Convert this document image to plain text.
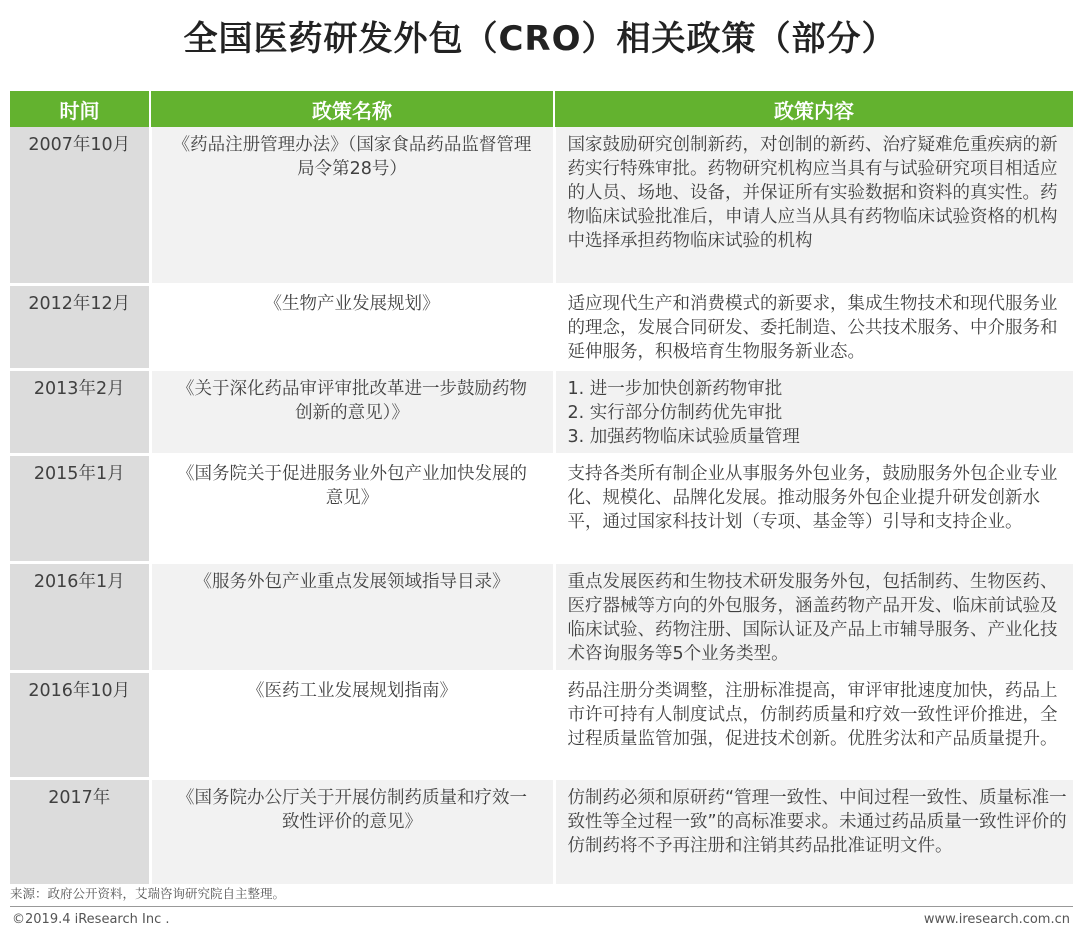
全国医药研发外包（CRO）相关政策（部分）
时间	政策名称	政策内容
2007年10月	《药品注册管理办法》（国家食品药品监督管理局令第28号）	国家鼓励研究创制新药，对创制的新药、治疗疑难危重疾病的新药实行特殊审批。药物研究机构应当具有与试验研究项目相适应的人员、场地、设备，并保证所有实验数据和资料的真实性。药物临床试验批准后，申请人应当从具有药物临床试验资格的机构中选择承担药物临床试验的机构
2012年12月	《生物产业发展规划》	适应现代生产和消费模式的新要求，集成生物技术和现代服务业的理念，发展合同研发、委托制造、公共技术服务、中介服务和延伸服务，积极培育生物服务新业态。
2013年2月	《关于深化药品审评审批改革进一步鼓励药物创新的意见）》	1. 进一步加快创新药物审批
2. 实行部分仿制药优先审批
3. 加强药物临床试验质量管理

2015年1月	《国务院关于促进服务业外包产业加快发展的意见》	支持各类所有制企业从事服务外包业务，鼓励服务外包企业专业化、规模化、品牌化发展。推动服务外包企业提升研发创新水平，通过国家科技计划（专项、基金等）引导和支持企业。
2016年1月	《服务外包产业重点发展领域指导目录》	重点发展医药和生物技术研发服务外包，包括制药、生物医药、医疗器械等方向的外包服务，涵盖药物产品开发、临床前试验及临床试验、药物注册、国际认证及产品上市辅导服务、产业化技术咨询服务等5个业务类型。
2016年10月	《医药工业发展规划指南》	药品注册分类调整，注册标准提高，审评审批速度加快，药品上市许可持有人制度试点，仿制药质量和疗效一致性评价推进，全过程质量监管加强，促进技术创新。优胜劣汰和产品质量提升。
2017年	《国务院办公厅关于开展仿制药质量和疗效一致性评价的意见》	仿制药必须和原研药“管理一致性、中间过程一致性、质量标准一致性等全过程一致”的高标准要求。未通过药品质量一致性评价的仿制药将不予再注册和注销其药品批准证明文件。
来源：政府公开资料，艾瑞咨询研究院自主整理。
©2019.4 iResearch Inc .	www.iresearch.com.cn
